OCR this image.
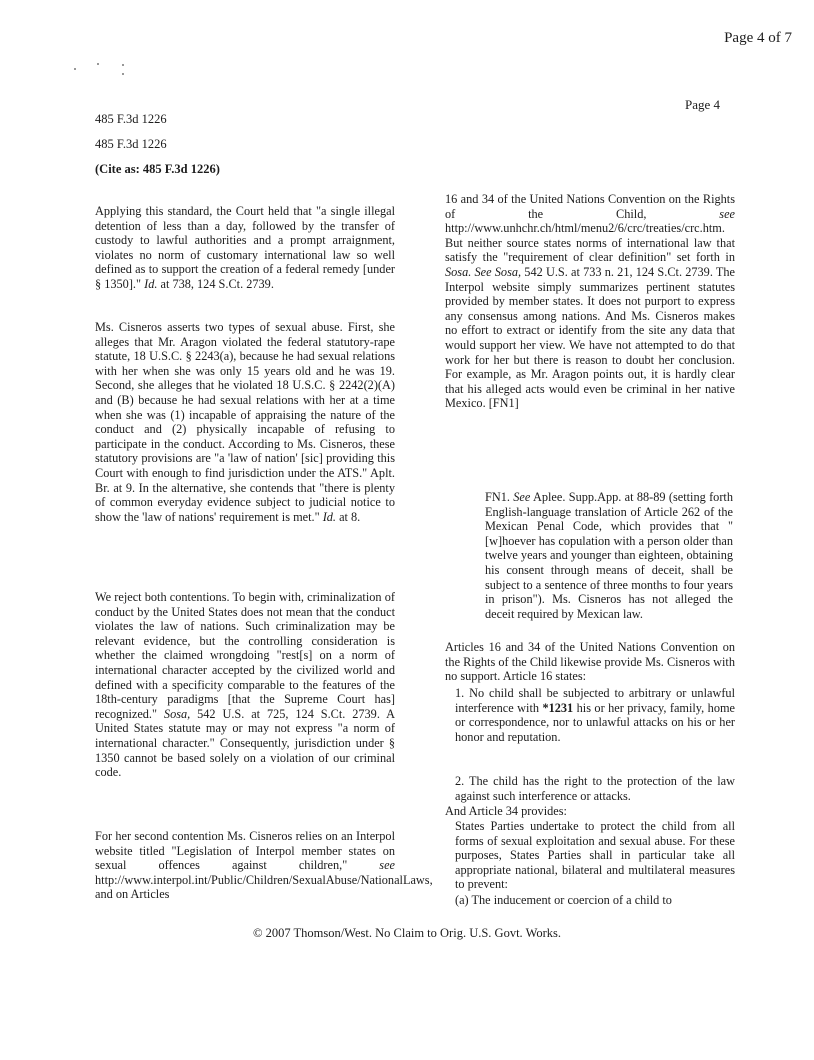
Page 4 of 7
Page 4
485 F.3d 1226
485 F.3d 1226
(Cite as: 485 F.3d 1226)

Applying this standard, the Court held that "a single illegal detention of less than a day, followed by the transfer of custody to lawful authorities and a prompt arraignment, violates no norm of customary international law so well defined as to support the creation of a federal remedy [under § 1350]." Id. at 738, 124 S.Ct. 2739.

Ms. Cisneros asserts two types of sexual abuse. First, she alleges that Mr. Aragon violated the federal statutory-rape statute, 18 U.S.C. § 2243(a), because he had sexual relations with her when she was only 15 years old and he was 19. Second, she alleges that he violated 18 U.S.C. § 2242(2)(A) and (B) because he had sexual relations with her at a time when she was (1) incapable of appraising the nature of the conduct and (2) physically incapable of refusing to participate in the conduct. According to Ms. Cisneros, these statutory provisions are "a 'law of nation' [sic] providing this Court with enough to find jurisdiction under the ATS." Aplt. Br. at 9. In the alternative, she contends that "there is plenty of common everyday evidence subject to judicial notice to show the 'law of nations' requirement is met." Id. at 8.

We reject both contentions. To begin with, criminalization of conduct by the United States does not mean that the conduct violates the law of nations. Such criminalization may be relevant evidence, but the controlling consideration is whether the claimed wrongdoing "rest[s] on a norm of international character accepted by the civilized world and defined with a specificity comparable to the features of the 18th-century paradigms [that the Supreme Court has] recognized." Sosa, 542 U.S. at 725, 124 S.Ct. 2739. A United States statute may or may not express "a norm of international character." Consequently, jurisdiction under § 1350 cannot be based solely on a violation of our criminal code.

For her second contention Ms. Cisneros relies on an Interpol website titled "Legislation of Interpol member states on sexual offences against children," see http://www.interpol.int/Public/Children/SexualAbuse/NationalLaws, and on Articles

16 and 34 of the United Nations Convention on the Rights of the Child, see http://www.unhchr.ch/html/menu2/6/crc/treaties/crc.htm. But neither source states norms of international law that satisfy the "requirement of clear definition" set forth in Sosa. See Sosa, 542 U.S. at 733 n. 21, 124 S.Ct. 2739. The Interpol website simply summarizes pertinent statutes provided by member states. It does not purport to express any consensus among nations. And Ms. Cisneros makes no effort to extract or identify from the site any data that would support her view. We have not attempted to do that work for her but there is reason to doubt her conclusion. For example, as Mr. Aragon points out, it is hardly clear that his alleged acts would even be criminal in her native Mexico. [FN1]

FN1. See Aplee. Supp.App. at 88-89 (setting forth English-language translation of Article 262 of the Mexican Penal Code, which provides that "[w]hoever has copulation with a person older than twelve years and younger than eighteen, obtaining his consent through means of deceit, shall be subject to a sentence of three months to four years in prison"). Ms. Cisneros has not alleged the deceit required by Mexican law.

Articles 16 and 34 of the United Nations Convention on the Rights of the Child likewise provide Ms. Cisneros with no support. Article 16 states:

1. No child shall be subjected to arbitrary or unlawful interference with *1231 his or her privacy, family, home or correspondence, nor to unlawful attacks on his or her honor and reputation.

2. The child has the right to the protection of the law against such interference or attacks.

And Article 34 provides:

States Parties undertake to protect the child from all forms of sexual exploitation and sexual abuse. For these purposes, States Parties shall in particular take all appropriate national, bilateral and multilateral measures to prevent:

(a) The inducement or coercion of a child to

© 2007 Thomson/West. No Claim to Orig. U.S. Govt. Works.
